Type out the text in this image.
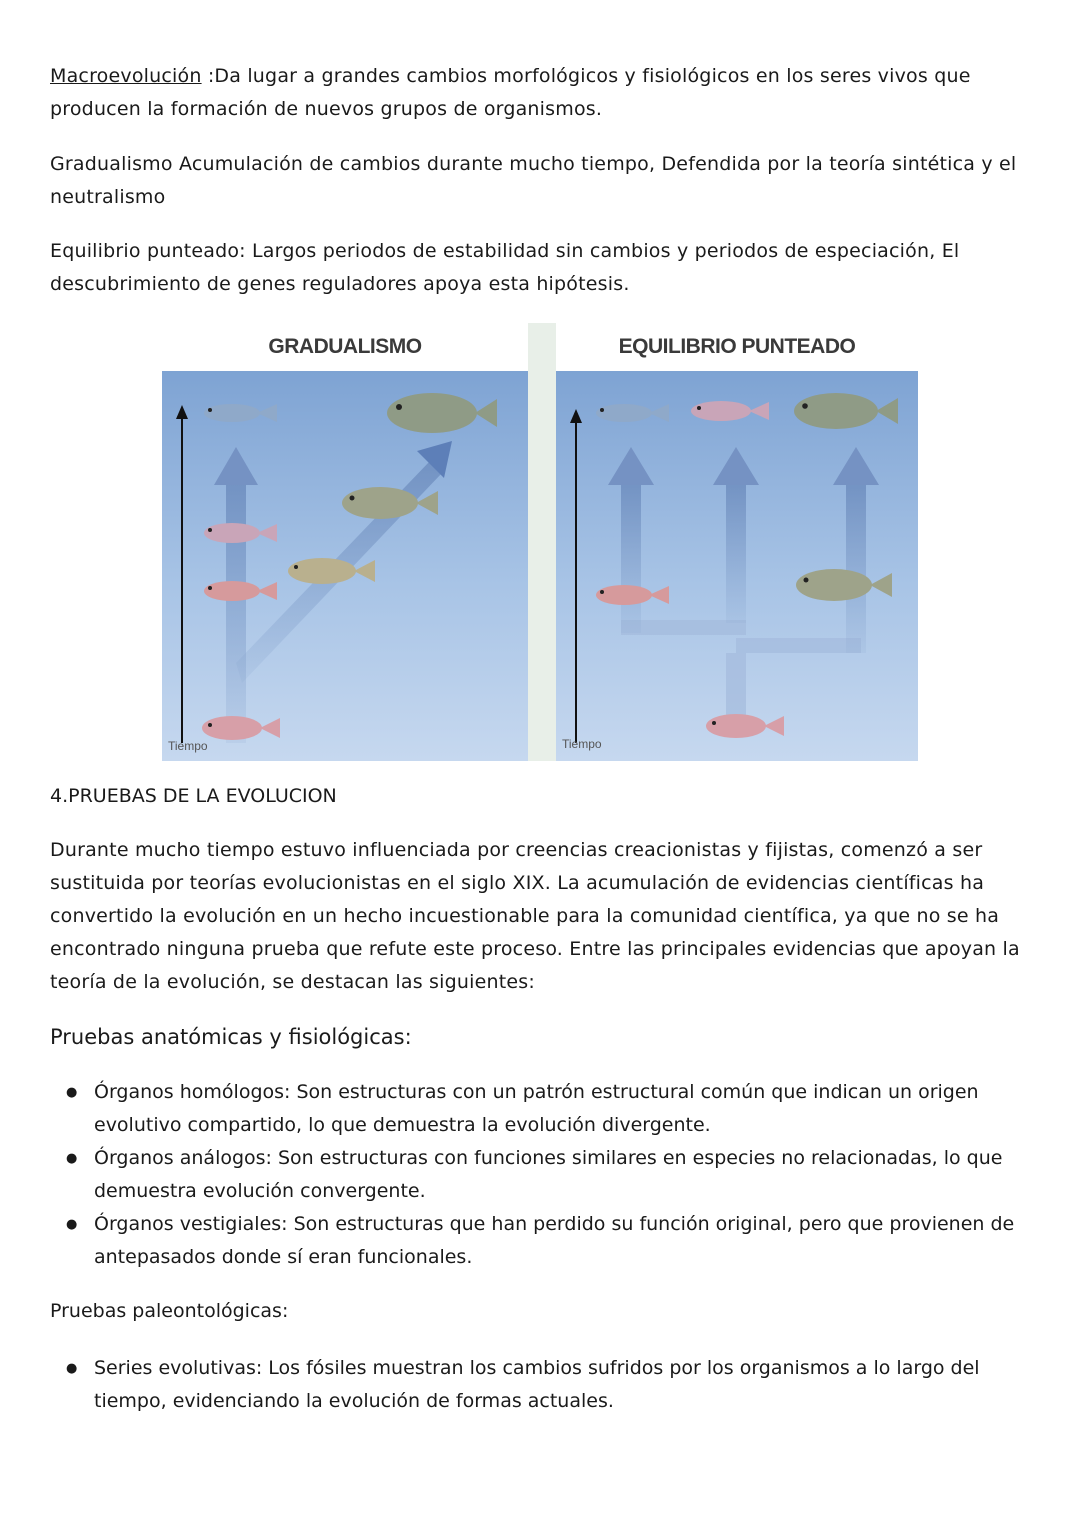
Macroevolución :Da lugar a grandes cambios morfológicos y fisiológicos en los seres vivos que producen la formación de nuevos grupos de organismos.
Gradualismo Acumulación de cambios durante mucho tiempo, Defendida por la teoría sintética y el neutralismo
Equilibrio punteado: Largos periodos de estabilidad sin cambios y periodos de especiación, El descubrimiento de genes reguladores apoya esta hipótesis.
GRADUALISMO
Tiempo
EQUILIBRIO PUNTEADO
Tiempo
4.PRUEBAS DE LA EVOLUCION
Durante mucho tiempo estuvo influenciada por creencias creacionistas y fijistas, comenzó a ser sustituida por teorías evolucionistas en el siglo XIX. La acumulación de evidencias científicas ha convertido la evolución en un hecho incuestionable para la comunidad científica, ya que no se ha encontrado ninguna prueba que refute este proceso. Entre las principales evidencias que apoyan la teoría de la evolución, se destacan las siguientes:
Pruebas anatómicas y fisiológicas:
● Órganos homólogos: Son estructuras con un patrón estructural común que indican un origen evolutivo compartido, lo que demuestra la evolución divergente.
● Órganos análogos: Son estructuras con funciones similares en especies no relacionadas, lo que demuestra evolución convergente.
● Órganos vestigiales: Son estructuras que han perdido su función original, pero que provienen de antepasados donde sí eran funcionales.
Pruebas paleontológicas:
● Series evolutivas: Los fósiles muestran los cambios sufridos por los organismos a lo largo del tiempo, evidenciando la evolución de formas actuales.
